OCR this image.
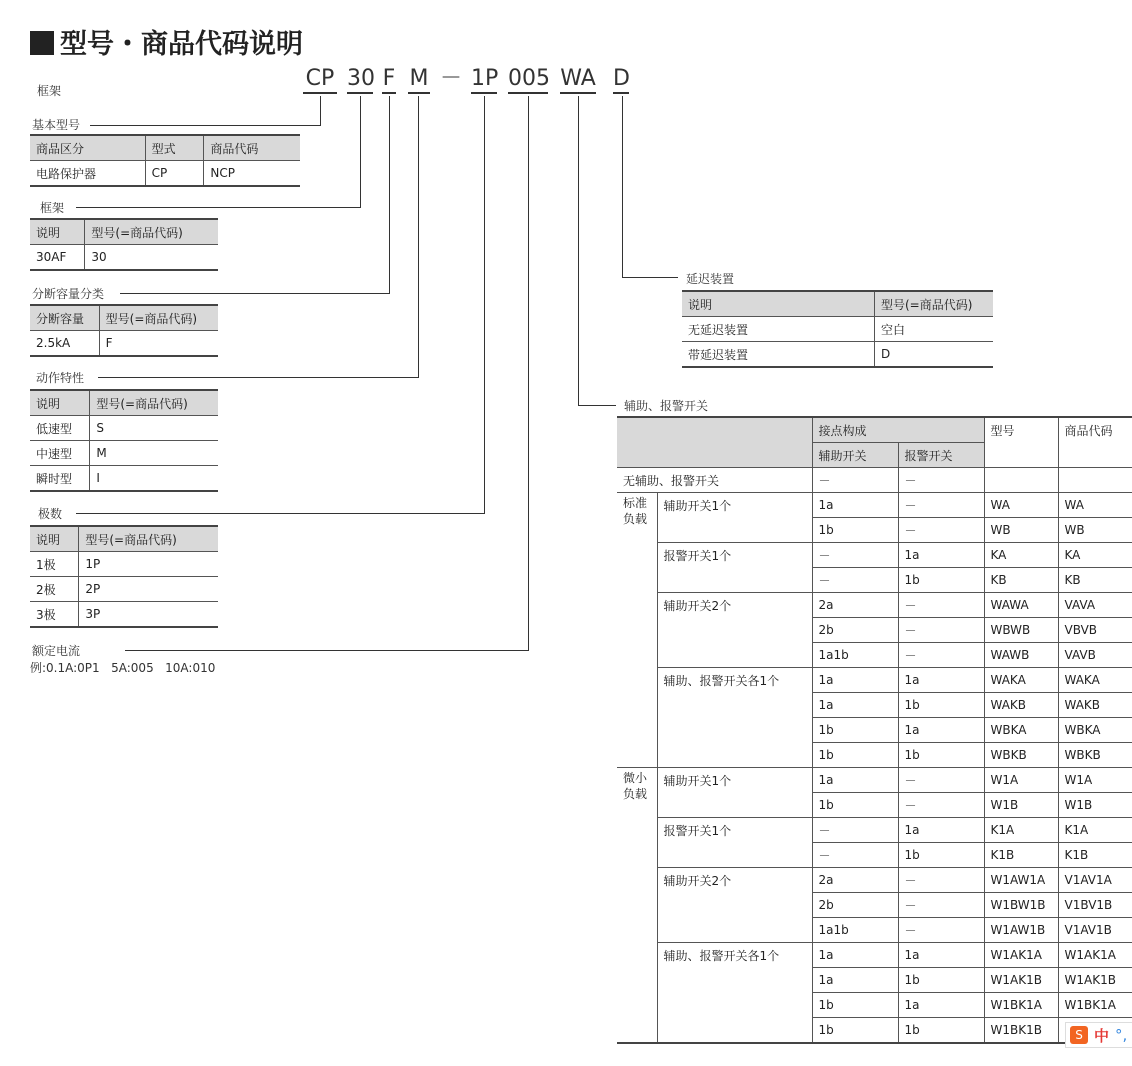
型号・商品代码说明
框架	CP 30 F M － 1P 005 WA D
基本型号
商品区分	型式	商品代码
电路保护器	CP	NCP
框架
说明	型号(=商品代码)
30AF	30
分断容量分类
分断容量	型号(=商品代码)
2.5kA	F
动作特性
说明	型号(=商品代码)
低速型	S
中速型	M
瞬时型	I
极数
说明	型号(=商品代码)
1极	1P
2极	2P
3极	3P
额定电流
例:0.1A:0P1   5A:005   10A:010
延迟装置
说明	型号(=商品代码)
无延迟装置	空白
带延迟装置	D
辅助、报警开关
		接点构成		型号	商品代码
		辅助开关	报警开关		
无辅助、报警开关		－	－		
标准负载	辅助开关1个	1a	－	WA	WA
		1b	－	WB	WB
	报警开关1个	－	1a	KA	KA
		－	1b	KB	KB
	辅助开关2个	2a	－	WAWA	VAVA
		2b	－	WBWB	VBVB
		1a1b	－	WAWB	VAVB
	辅助、报警开关各1个	1a	1a	WAKA	WAKA
		1a	1b	WAKB	WAKB
		1b	1a	WBKA	WBKA
		1b	1b	WBKB	WBKB
微小负载	辅助开关1个	1a	－	W1A	W1A
		1b	－	W1B	W1B
	报警开关1个	－	1a	K1A	K1A
		－	1b	K1B	K1B
	辅助开关2个	2a	－	W1AW1A	V1AV1A
		2b	－	W1BW1B	V1BV1B
		1a1b	－	W1AW1B	V1AV1B
	辅助、报警开关各1个	1a	1a	W1AK1A	W1AK1A
		1a	1b	W1AK1B	W1AK1B
		1b	1a	W1BK1A	W1BK1A
		1b	1b	W1BK1B		S 中 °,
